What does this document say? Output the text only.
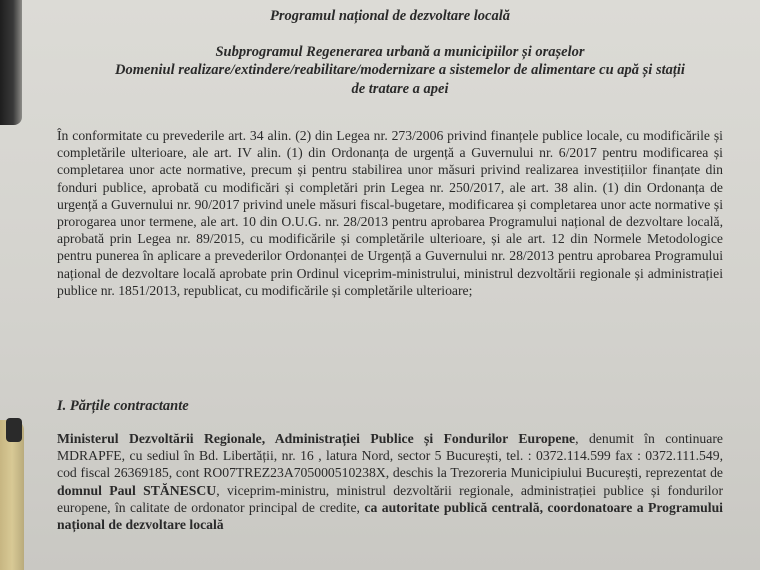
Programul național de dezvoltare locală
Subprogramul Regenerarea urbană a municipiilor și orașelor
Domeniul realizare/extindere/reabilitare/modernizare a sistemelor de alimentare cu apă și stații
de tratare a apei
În conformitate cu prevederile art. 34 alin. (2) din Legea nr. 273/2006 privind finanțele publice locale, cu modificările și completările ulterioare, ale art. IV alin. (1) din Ordonanța de urgență a Guvernului nr. 6/2017 pentru modificarea și completarea unor acte normative, precum și pentru stabilirea unor măsuri privind realizarea investițiilor finanțate din fonduri publice, aprobată cu modificări și completări prin Legea nr. 250/2017, ale art. 38 alin. (1) din Ordonanța de urgență a Guvernului nr. 90/2017 privind unele măsuri fiscal-bugetare, modificarea și completarea unor acte normative și prorogarea unor termene, ale art. 10 din O.U.G. nr. 28/2013 pentru aprobarea Programului național de dezvoltare locală, aprobată prin Legea nr. 89/2015, cu modificările și completările ulterioare, și ale art. 12 din Normele Metodologice pentru punerea în aplicare a prevederilor Ordonanței de Urgență a Guvernului nr. 28/2013 pentru aprobarea Programului național de dezvoltare locală aprobate prin Ordinul viceprim-ministrului, ministrul dezvoltării regionale și administrației publice nr. 1851/2013, republicat, cu modificările și completările ulterioare;
I. Părțile contractante
Ministerul Dezvoltării Regionale, Administrației Publice și Fondurilor Europene, denumit în continuare MDRAPFE, cu sediul în Bd. Libertății, nr. 16 , latura Nord, sector 5 București, tel. : 0372.114.599 fax : 0372.111.549, cod fiscal 26369185, cont RO07TREZ23A705000510238X, deschis la Trezoreria Municipiului București, reprezentat de domnul Paul STĂNESCU, viceprim-ministru, ministrul dezvoltării regionale, administrației publice și fondurilor europene, în calitate de ordonator principal de credite, ca autoritate publică centrală, coordonatoare a Programului național de dezvoltare locală
